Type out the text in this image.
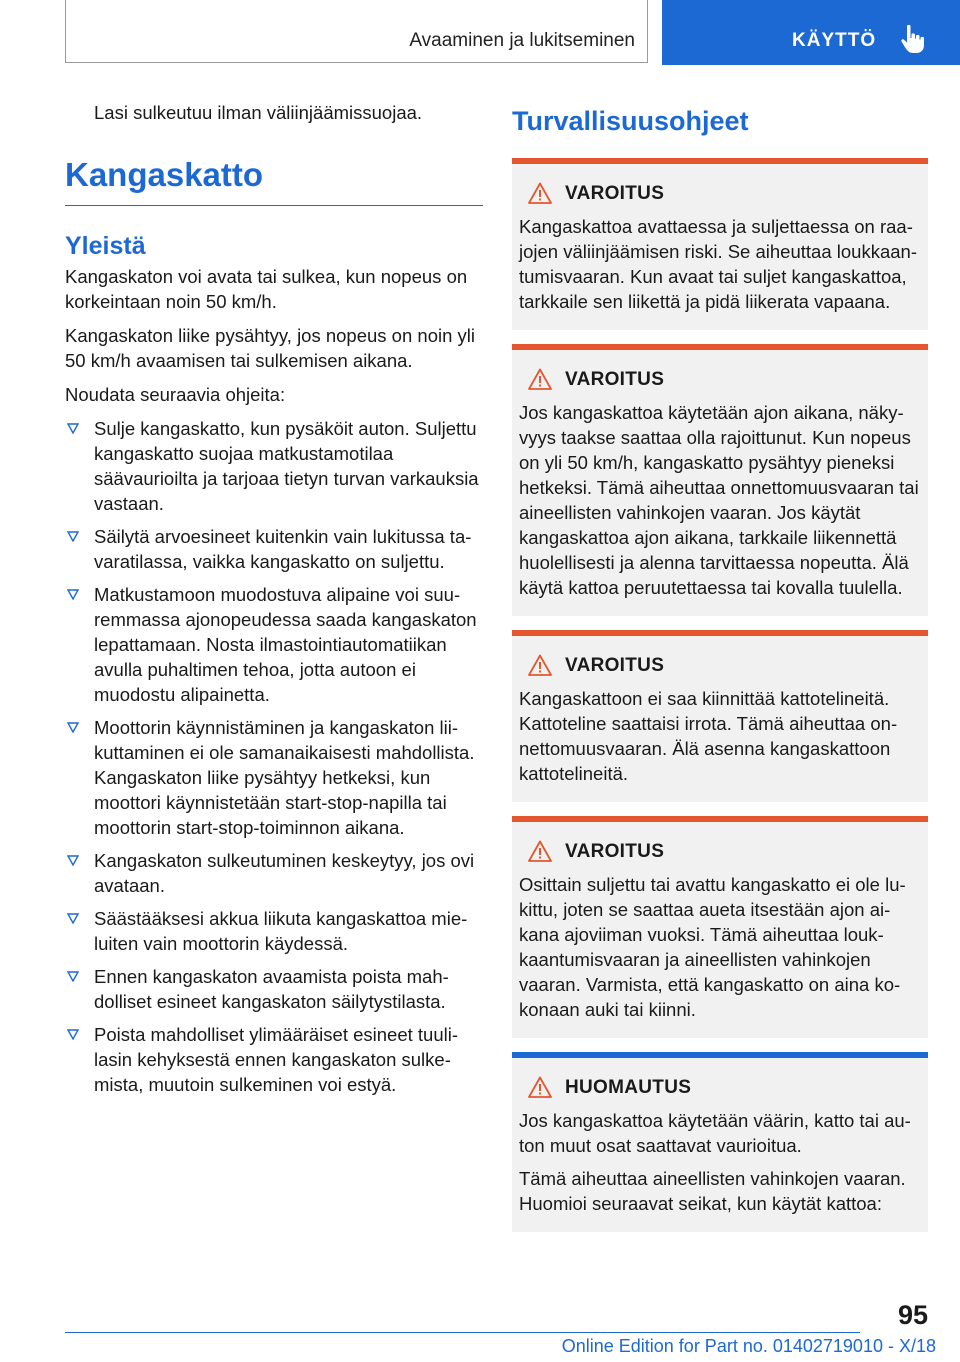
Avaaminen ja lukitseminen	KÄYTTÖ

Lasi sulkeutuu ilman väliinjäämissuojaa.

Kangaskatto
Yleistä

Kangaskaton voi avata tai sulkea, kun nopeus on korkeintaan noin 50 km/h.

Kangaskaton liike pysähtyy, jos nopeus on noin yli 50 km/h avaamisen tai sulkemisen aikana.

Noudata seuraavia ohjeita:

Sulje kangaskatto, kun pysäköit auton. Suljettu kangaskatto suojaa matkustamotilaa säävaurioilta ja tarjoaa tietyn turvan varkauksia vastaan.
Säilytä arvoesineet kuitenkin vain lukitussa tavaratilassa, vaikka kangaskatto on suljettu.
Matkustamoon muodostuva alipaine voi suuremmassa ajonopeudessa saada kangaskaton lepattamaan. Nosta ilmastointiautomatiikan avulla puhaltimen tehoa, jotta autoon ei muodostu alipainetta.
Moottorin käynnistäminen ja kangaskaton liikuttaminen ei ole samanaikaisesti mahdollista. Kangaskaton liike pysähtyy hetkeksi, kun moottori käynnistetään start-stop-napilla tai moottorin start-stop-toiminnon aikana.
Kangaskaton sulkeutuminen keskeytyy, jos ovi avataan.
Säästääksesi akkua liikuta kangaskattoa mieluiten vain moottorin käydessä.
Ennen kangaskaton avaamista poista mahdolliset esineet kangaskaton säilytystilasta.
Poista mahdolliset ylimääräiset esineet tuulilasin kehyksestä ennen kangaskaton sulkemista, muutoin sulkeminen voi estyä.
Turvallisuusohjeet
VAROITUS

Kangaskattoa avattaessa ja suljettaessa on raajojen väliinjäämisen riski. Se aiheuttaa loukkaantumisvaaran. Kun avaat tai suljet kangaskattoa, tarkkaile sen liikettä ja pidä liikerata vapaana.

VAROITUS

Jos kangaskattoa käytetään ajon aikana, näkyvyys taakse saattaa olla rajoittunut. Kun nopeus on yli 50 km/h, kangaskatto pysähtyy pieneksi hetkeksi. Tämä aiheuttaa onnettomuusvaaran tai aineellisten vahinkojen vaaran. Jos käytät kangaskattoa ajon aikana, tarkkaile liikennettä huolellisesti ja alenna tarvittaessa nopeutta. Älä käytä kattoa peruutettaessa tai kovalla tuulella.

VAROITUS

Kangaskattoon ei saa kiinnittää kattotelineitä. Kattoteline saattaisi irrota. Tämä aiheuttaa onnettomuusvaaran. Älä asenna kangaskattoon kattotelineitä.

VAROITUS

Osittain suljettu tai avattu kangaskatto ei ole lukittu, joten se saattaa aueta itsestään ajon aikana ajoviiman vuoksi. Tämä aiheuttaa loukkaantumisvaaran ja aineellisten vahinkojen vaaran. Varmista, että kangaskatto on aina kokonaan auki tai kiinni.

HUOMAUTUS

Jos kangaskattoa käytetään väärin, katto tai auton muut osat saattavat vaurioitua.

Tämä aiheuttaa aineellisten vahinkojen vaaran. Huomioi seuraavat seikat, kun käytät kattoa:

95
Online Edition for Part no. 01402719010 - X/18
